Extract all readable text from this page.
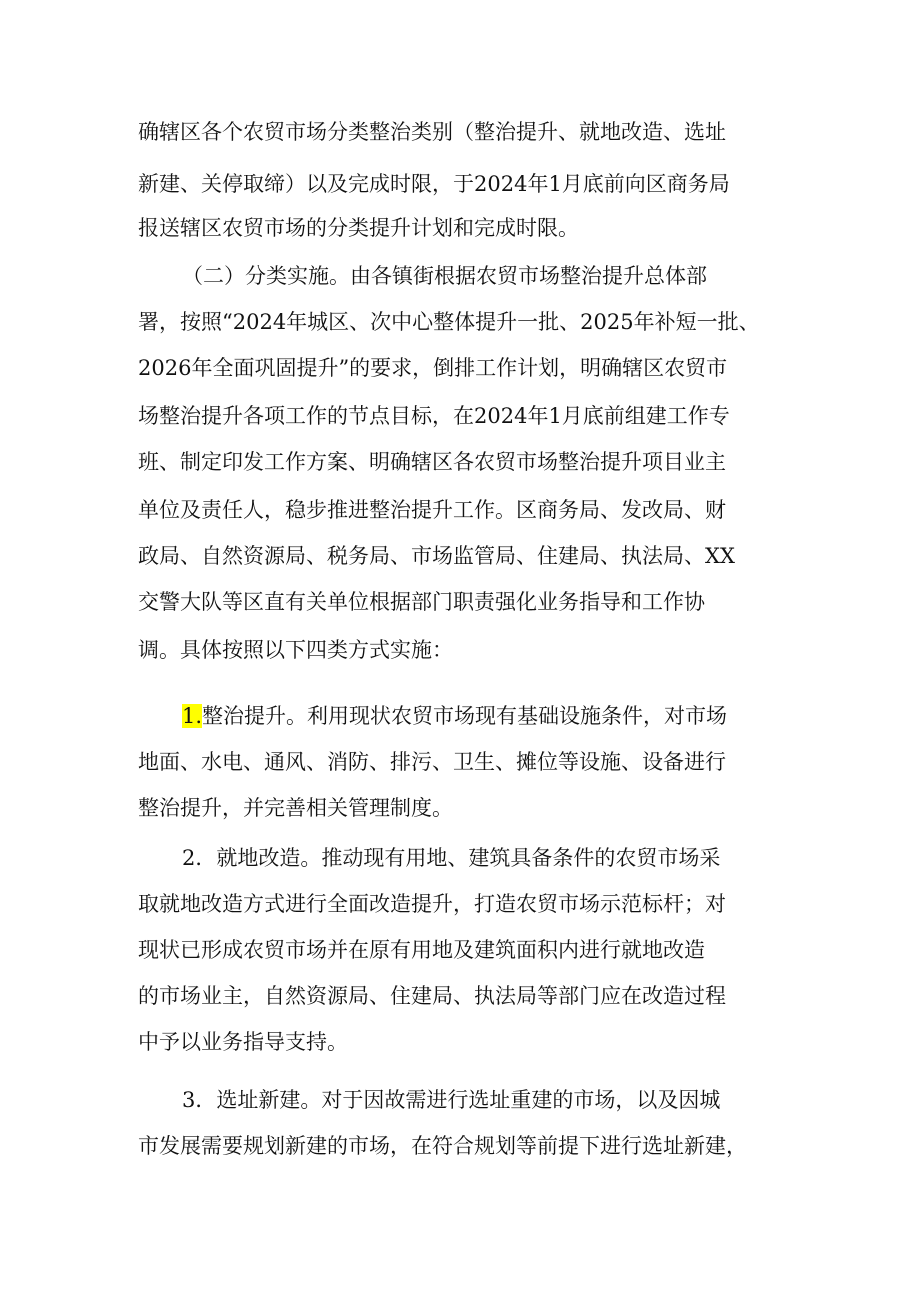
确辖区各个农贸市场分类整治类别（整治提升、就地改造、选址
新建、关停取缔）以及完成时限，于2024年1月底前向区商务局
报送辖区农贸市场的分类提升计划和完成时限。
（二）分类实施。由各镇街根据农贸市场整治提升总体部
署，按照“2024年城区、次中心整体提升一批、2025年补短一批、
2026年全面巩固提升”的要求，倒排工作计划，明确辖区农贸市
场整治提升各项工作的节点目标，在2024年1月底前组建工作专
班、制定印发工作方案、明确辖区各农贸市场整治提升项目业主
单位及责任人，稳步推进整治提升工作。区商务局、发改局、财
政局、自然资源局、税务局、市场监管局、住建局、执法局、XX
交警大队等区直有关单位根据部门职责强化业务指导和工作协
调。具体按照以下四类方式实施：
1.整治提升。利用现状农贸市场现有基础设施条件，对市场
地面、水电、通风、消防、排污、卫生、摊位等设施、设备进行
整治提升，并完善相关管理制度。
2．就地改造。推动现有用地、建筑具备条件的农贸市场采
取就地改造方式进行全面改造提升，打造农贸市场示范标杆；对
现状已形成农贸市场并在原有用地及建筑面积内进行就地改造
的市场业主，自然资源局、住建局、执法局等部门应在改造过程
中予以业务指导支持。
3．选址新建。对于因故需进行选址重建的市场，以及因城
市发展需要规划新建的市场，在符合规划等前提下进行选址新建，
